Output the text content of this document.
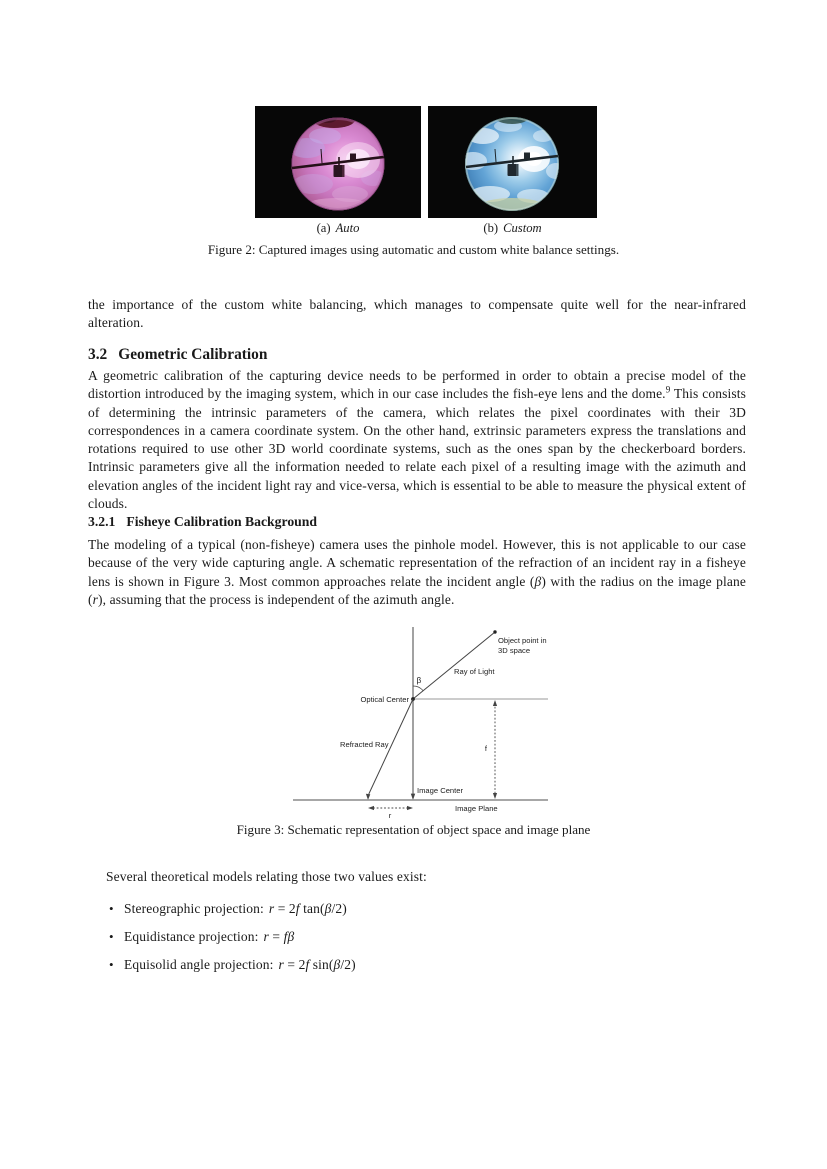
(a) Auto	(b) Custom
Figure 2: Captured images using automatic and custom white balance settings.

the importance of the custom white balancing, which manages to compensate quite well for the near-infrared alteration.

3.2 Geometric Calibration

A geometric calibration of the capturing device needs to be performed in order to obtain a precise model of the distortion introduced by the imaging system, which in our case includes the fish-eye lens and the dome.$^9$ This consists of determining the intrinsic parameters of the camera, which relates the pixel coordinates with their 3D correspondences in a camera coordinate system. On the other hand, extrinsic parameters express the translations and rotations required to use other 3D world coordinate systems, such as the ones span by the checkerboard borders. Intrinsic parameters give all the information needed to relate each pixel of a resulting image with the azimuth and elevation angles of the incident light ray and vice-versa, which is essential to be able to measure the physical extent of clouds.

3.2.1 Fisheye Calibration Background

The modeling of a typical (non-fisheye) camera uses the pinhole model. However, this is not applicable to our case because of the very wide capturing angle. A schematic representation of the refraction of an incident ray in a fisheye lens is shown in Figure 3. Most common approaches relate the incident angle (β) with the radius on the image plane (r), assuming that the process is independent of the azimuth angle.

Object point in
3D space
Ray of Light
β
Optical Center
Refracted Ray	f
Image Center
Image Plane
r
Figure 3: Schematic representation of object space and image plane

Several theoretical models relating those two values exist:

• Stereographic projection: r = 2f tan(β/2)
• Equidistance projection: r = fβ
• Equisolid angle projection: r = 2f sin(β/2)
